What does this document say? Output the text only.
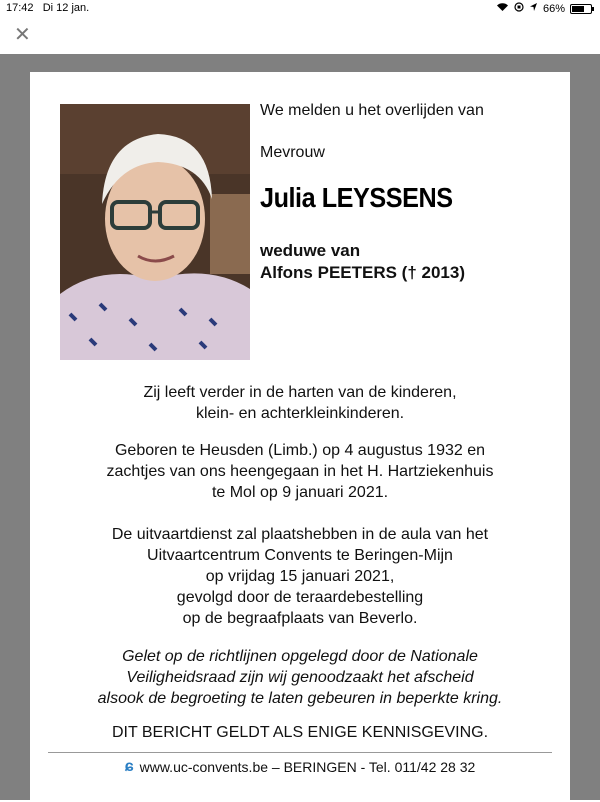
17:42 Di 12 jan.	66%
✕
We melden u het overlijden van
Mevrouw
Julia LEYSSENS
weduwe van
Alfons PEETERS († 2013)
Zij leeft verder in de harten van de kinderen,
klein- en achterkleinkinderen.
Geboren te Heusden (Limb.) op 4 augustus 1932 en
zachtjes van ons heengegaan in het H. Hartziekenhuis
te Mol op 9 januari 2021.
De uitvaartdienst zal plaatshebben in de aula van het
Uitvaartcentrum Convents te Beringen-Mijn
op vrijdag 15 januari 2021,
gevolgd door de teraardebestelling
op de begraafplaats van Beverlo.
Gelet op de richtlijnen opgelegd door de Nationale
Veiligheidsraad zijn wij genoodzaakt het afscheid
alsook de begroeting te laten gebeuren in beperkte kring.
DIT BERICHT GELDT ALS ENIGE KENNISGEVING.
ɕ www.uc-convents.be – BERINGEN - Tel. 011/42 28 32
